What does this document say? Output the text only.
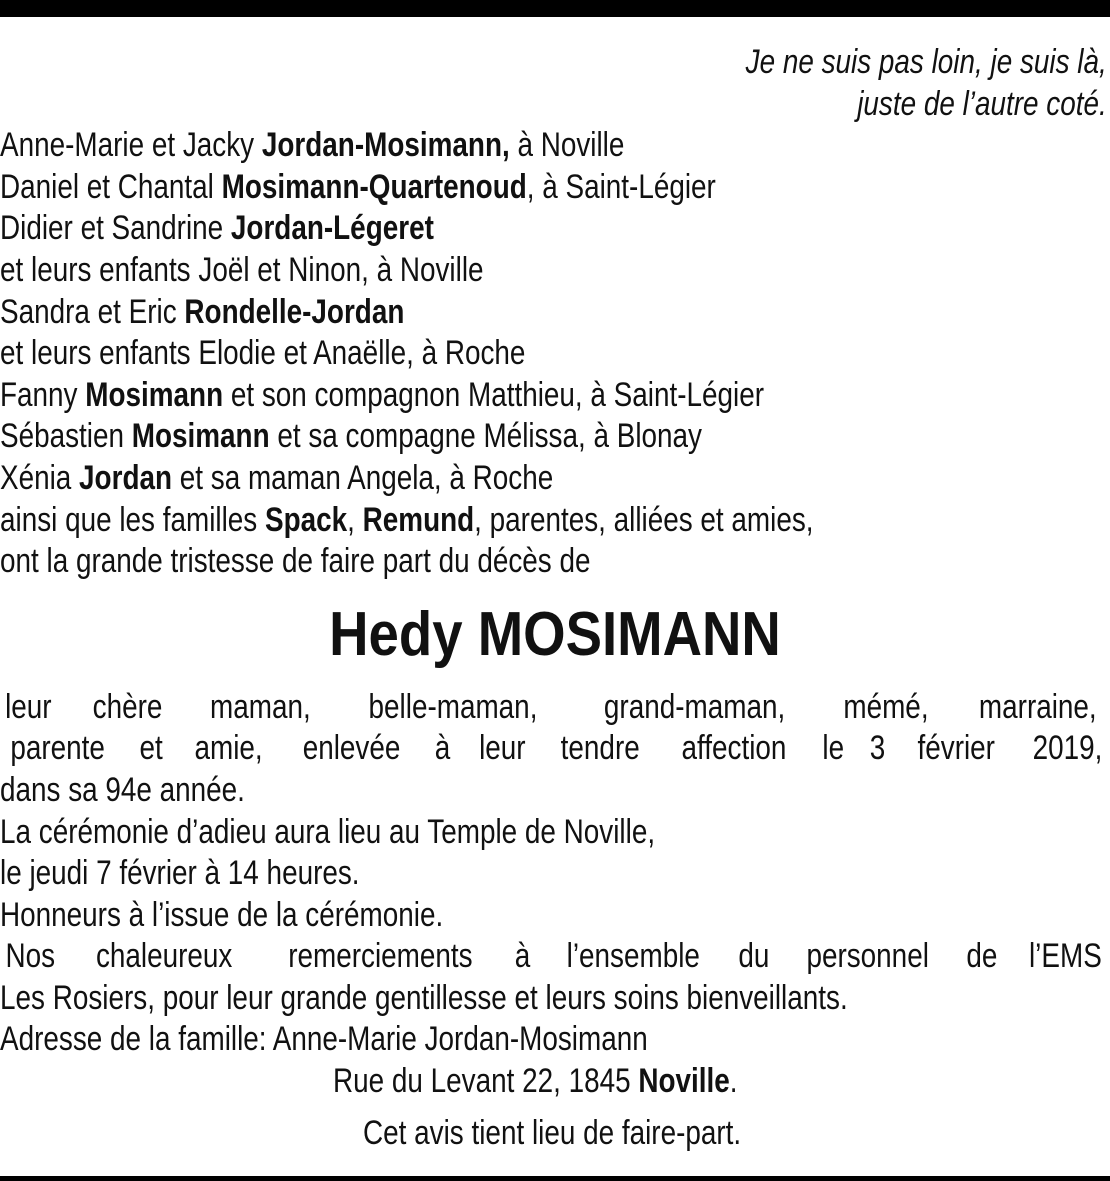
Je ne suis pas loin, je suis là,
juste de l’autre coté.
Anne-Marie et Jacky Jordan-Mosimann, à Noville
Daniel et Chantal Mosimann-Quartenoud, à Saint-Légier
Didier et Sandrine Jordan-Légeret
et leurs enfants Joël et Ninon, à Noville
Sandra et Eric Rondelle-Jordan
et leurs enfants Elodie et Anaëlle, à Roche
Fanny Mosimann et son compagnon Matthieu, à Saint-Légier
Sébastien Mosimann et sa compagne Mélissa, à Blonay
Xénia Jordan et sa maman Angela, à Roche
ainsi que les familles Spack, Remund, parentes, alliées et amies,
ont la grande tristesse de faire part du décès de
Hedy MOSIMANN
leur chère maman, belle-maman, grand-maman, mémé, marraine,
parente et amie, enlevée à leur tendre affection le 3 février 2019,
dans sa 94e année.
La cérémonie d’adieu aura lieu au Temple de Noville,
le jeudi 7 février à 14 heures.
Honneurs à l’issue de la cérémonie.
Nos chaleureux remerciements à l’ensemble du personnel de l’EMS
Les Rosiers, pour leur grande gentillesse et leurs soins bienveillants.
Adresse de la famille: Anne-Marie Jordan-Mosimann
Rue du Levant 22, 1845 Noville.
Cet avis tient lieu de faire-part.
